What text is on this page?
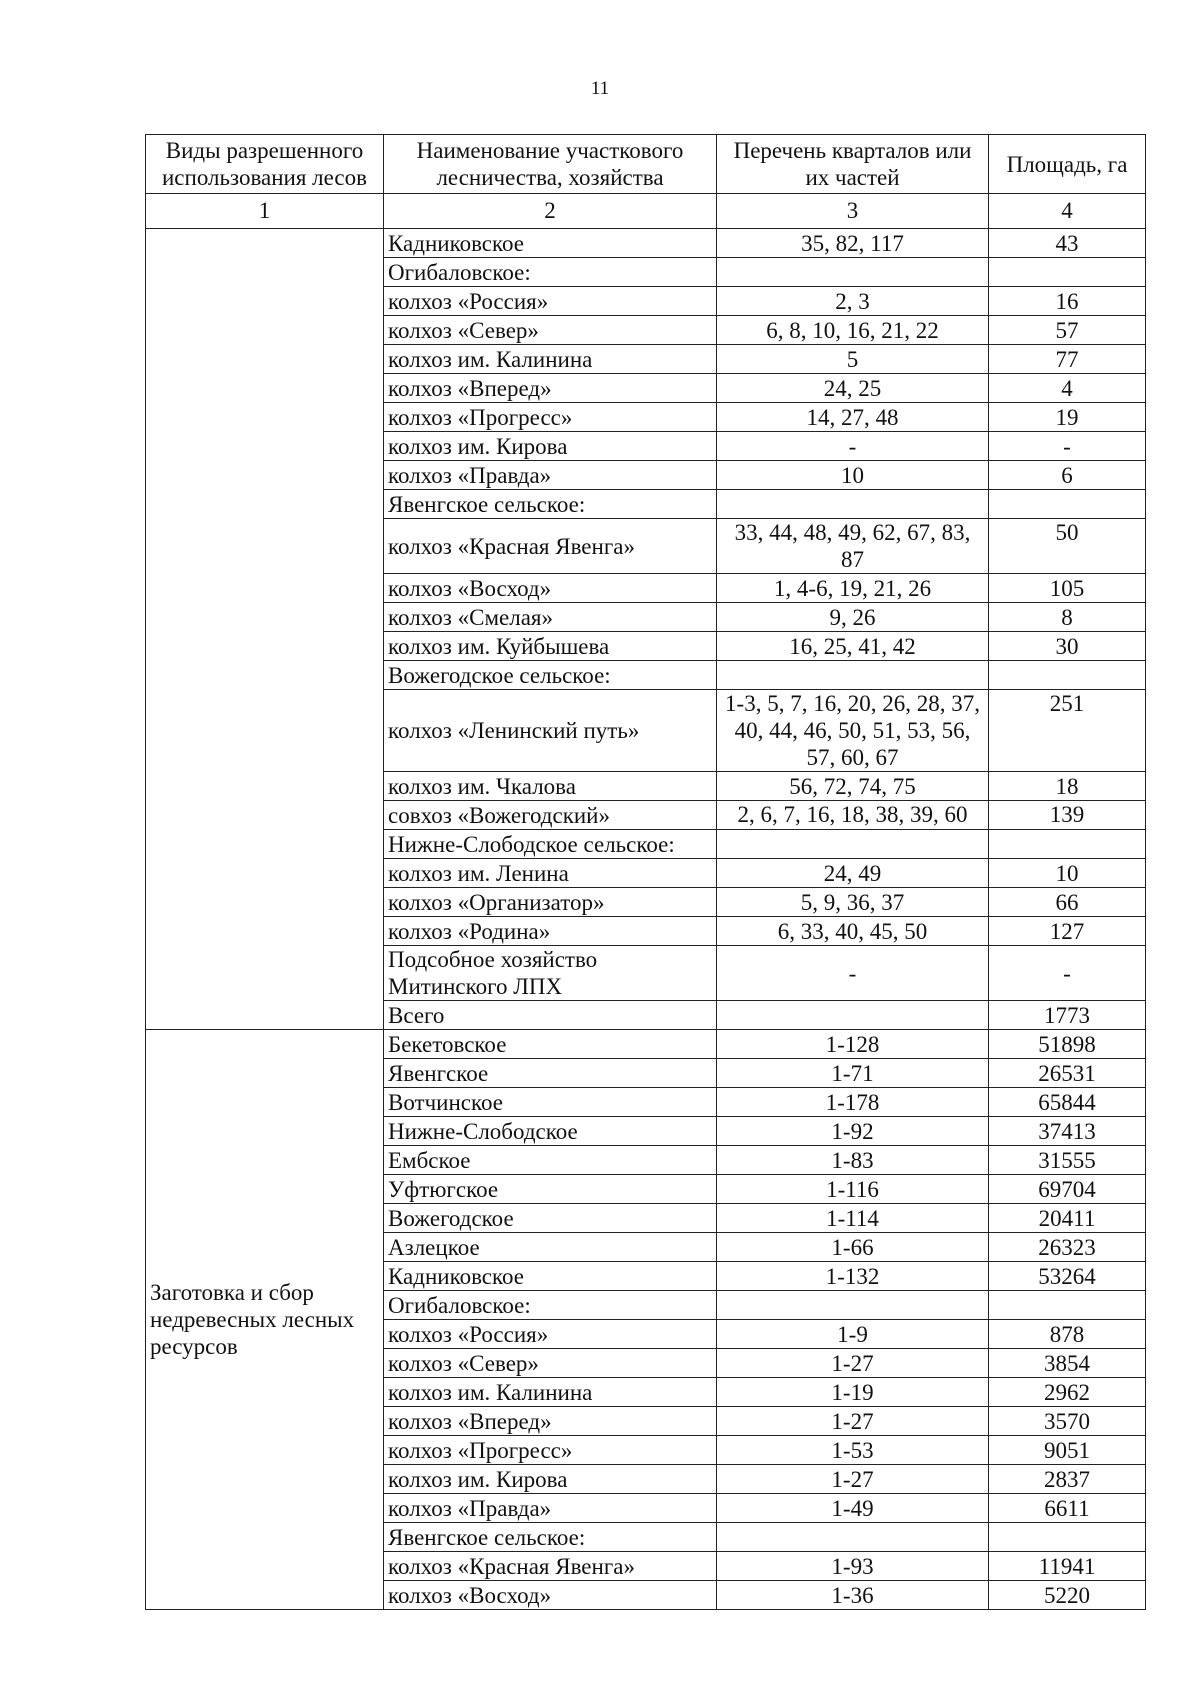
11
Виды разрешенного использования лесов	Наименование участкового лесничества, хозяйства	Перечень кварталов или их частей	Площадь, га
1	2	3	4
	Кадниковское	35, 82, 117	43
	Огибаловское:		
	колхоз «Россия»	2, 3	16
	колхоз «Север»	6, 8, 10, 16, 21, 22	57
	колхоз им. Калинина	5	77
	колхоз «Вперед»	24, 25	4
	колхоз «Прогресс»	14, 27, 48	19
	колхоз им. Кирова	-	-
	колхоз «Правда»	10	6
	Явенгское сельское:		
	колхоз «Красная Явенга»	33, 44, 48, 49, 62, 67, 83, 87	50
	колхоз «Восход»	1, 4-6, 19, 21, 26	105
	колхоз «Смелая»	9, 26	8
	колхоз им. Куйбышева	16, 25, 41, 42	30
	Вожегодское сельское:		
	колхоз «Ленинский путь»	1-3, 5, 7, 16, 20, 26, 28, 37, 40, 44, 46, 50, 51, 53, 56, 57, 60, 67	251
	колхоз им. Чкалова	56, 72, 74, 75	18
	совхоз «Вожегодский»	2, 6, 7, 16, 18, 38, 39, 60	139
	Нижне-Слободское сельское:		
	колхоз им. Ленина	24, 49	10
	колхоз «Организатор»	5, 9, 36, 37	66
	колхоз «Родина»	6, 33, 40, 45, 50	127
	Подсобное хозяйство Митинского ЛПХ	-	-
	Всего		1773
Заготовка и сбор недревесных лесных ресурсов	Бекетовское	1-128	51898
	Явенгское	1-71	26531
	Вотчинское	1-178	65844
	Нижне-Слободское	1-92	37413
	Ембское	1-83	31555
	Уфтюгское	1-116	69704
	Вожегодское	1-114	20411
	Азлецкое	1-66	26323
	Кадниковское	1-132	53264
	Огибаловское:		
	колхоз «Россия»	1-9	878
	колхоз «Север»	1-27	3854
	колхоз им. Калинина	1-19	2962
	колхоз «Вперед»	1-27	3570
	колхоз «Прогресс»	1-53	9051
	колхоз им. Кирова	1-27	2837
	колхоз «Правда»	1-49	6611
	Явенгское сельское:		
	колхоз «Красная Явенга»	1-93	11941
	колхоз «Восход»	1-36	5220
